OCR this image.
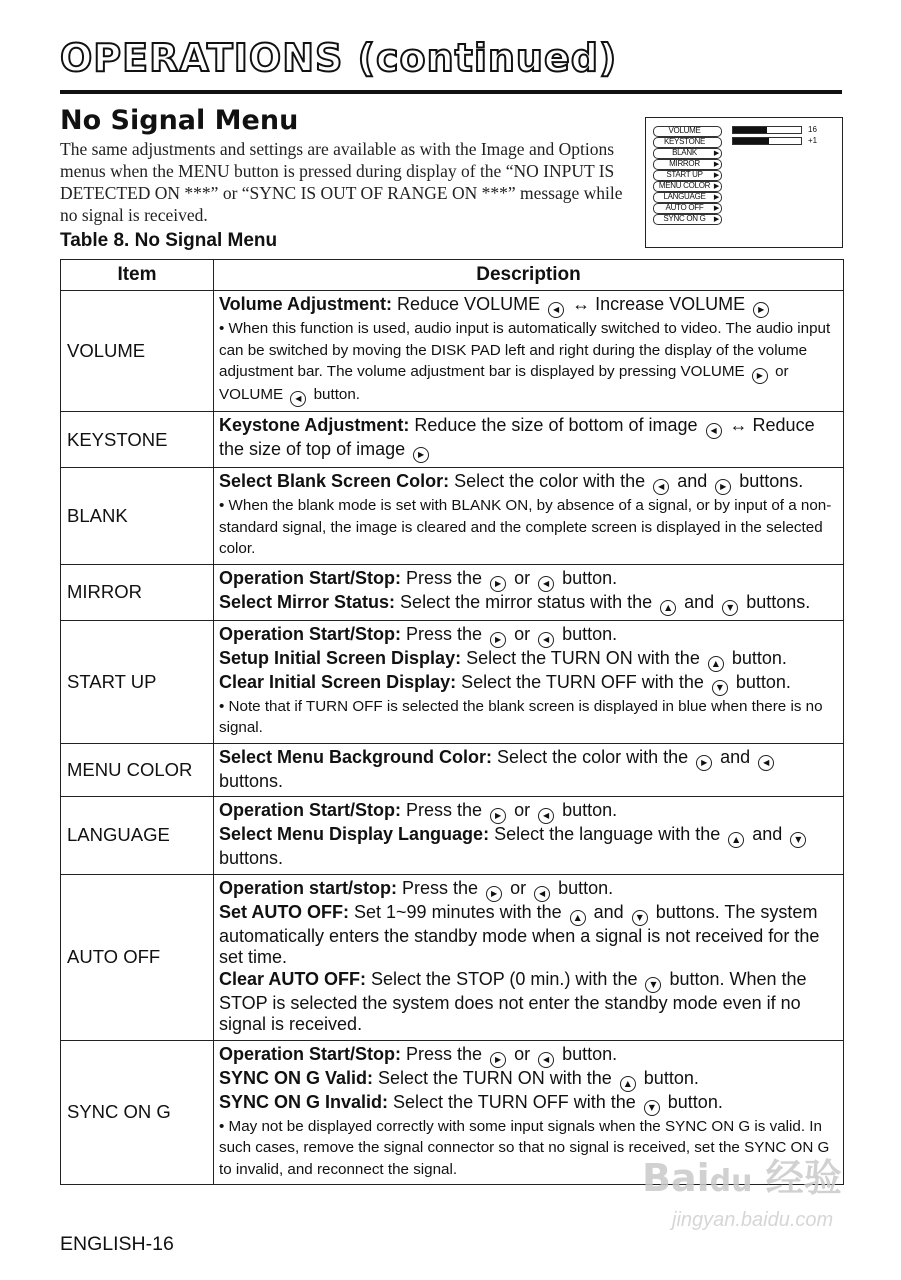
OPERATIONS (continued)
No Signal Menu
The same adjustments and settings are available as with the Image and Options menus when the MENU button is pressed during display of the “NO INPUT IS DETECTED ON ***” or “SYNC IS OUT OF RANGE ON ***” message while no signal is received.
Table 8. No Signal Menu
VOLUME
KEYSTONE
BLANK ▶
MIRROR ▶
START UP ▶
MENU COLOR ▶
LANGUAGE ▶
AUTO OFF ▶
SYNC ON G ▶
16
+1
Item	Description
VOLUME	Volume Adjustment: Reduce VOLUME ◀ ↔ Increase VOLUME ▶
• When this function is used, audio input is automatically switched to video. The audio input can be switched by moving the DISK PAD left and right during the display of the volume adjustment bar. The volume adjustment bar is displayed by pressing VOLUME ▶ or VOLUME ◀ button.

KEYSTONE	Keystone Adjustment: Reduce the size of bottom of image ◀ ↔ Reduce the size of top of image ▶

BLANK	Select Blank Screen Color: Select the color with the ◀ and ▶ buttons.
• When the blank mode is set with BLANK ON, by absence of a signal, or by input of a non-standard signal, the image is cleared and the complete screen is displayed in the selected color.

MIRROR	Operation Start/Stop: Press the ▶ or ◀ button.
Select Mirror Status: Select the mirror status with the ▲ and ▼ buttons.

START UP	Operation Start/Stop: Press the ▶ or ◀ button.
Setup Initial Screen Display: Select the TURN ON with the ▲ button.
Clear Initial Screen Display: Select the TURN OFF with the ▼ button.
• Note that if TURN OFF is selected the blank screen is displayed in blue when there is no signal.

MENU COLOR	Select Menu Background Color: Select the color with the ▶ and ◀ buttons.

LANGUAGE	Operation Start/Stop: Press the ▶ or ◀ button.
Select Menu Display Language: Select the language with the ▲ and ▼ buttons.

AUTO OFF	Operation start/stop: Press the ▶ or ◀ button.
Set AUTO OFF: Set 1~99 minutes with the ▲ and ▼ buttons. The system automatically enters the standby mode when a signal is not received for the set time.
Clear AUTO OFF: Select the STOP (0 min.) with the ▼ button. When the STOP is selected the system does not enter the standby mode even if no signal is received.

SYNC ON G	Operation Start/Stop: Press the ▶ or ◀ button.
SYNC ON G Valid: Select the TURN ON with the ▲ button.
SYNC ON G Invalid: Select the TURN OFF with the ▼ button.
• May not be displayed correctly with some input signals when the SYNC ON G is valid. In such cases, remove the signal connector so that no signal is received, set the SYNC ON G to invalid, and reconnect the signal.
ENGLISH-16
Baidu 经验
jingyan.baidu.com
